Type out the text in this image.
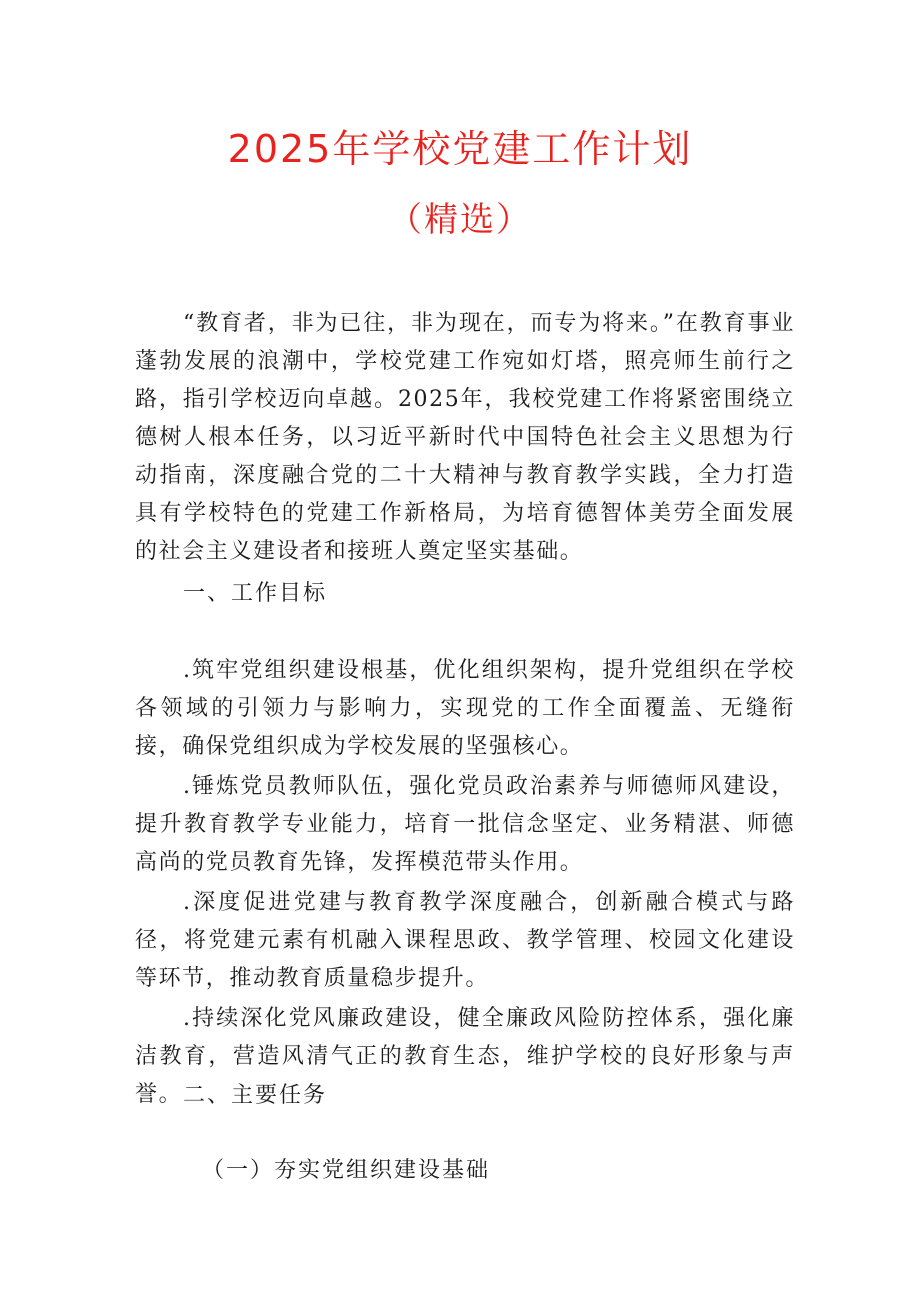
2025年学校党建工作计划
（精选）

“教育者，非为已往，非为现在，而专为将来。”在教育事业蓬勃发展的浪潮中，学校党建工作宛如灯塔，照亮师生前行之路，指引学校迈向卓越。2025年，我校党建工作将紧密围绕立德树人根本任务，以习近平新时代中国特色社会主义思想为行动指南，深度融合党的二十大精神与教育教学实践，全力打造具有学校特色的党建工作新格局，为培育德智体美劳全面发展的社会主义建设者和接班人奠定坚实基础。

一、工作目标

.筑牢党组织建设根基，优化组织架构，提升党组织在学校各领域的引领力与影响力，实现党的工作全面覆盖、无缝衔接，确保党组织成为学校发展的坚强核心。

.锤炼党员教师队伍，强化党员政治素养与师德师风建设，提升教育教学专业能力，培育一批信念坚定、业务精湛、师德高尚的党员教育先锋，发挥模范带头作用。

.深度促进党建与教育教学深度融合，创新融合模式与路径，将党建元素有机融入课程思政、教学管理、校园文化建设等环节，推动教育质量稳步提升。

.持续深化党风廉政建设，健全廉政风险防控体系，强化廉洁教育，营造风清气正的教育生态，维护学校的良好形象与声誉。 二、主要任务

（一）夯实党组织建设基础
